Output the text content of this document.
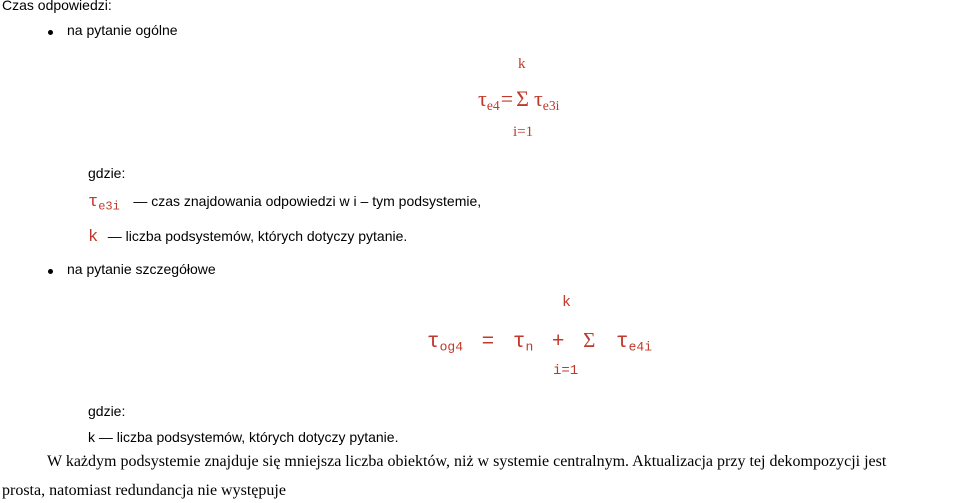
Czas odpowiedzi:
na pytanie ogólne
k
$\tau_{e4}= \Sigma$ $\tau_{e3i}$
i=1
gdzie:
$\tau_{e3i}$ — czas znajdowania odpowiedzi w i – tym podsystemie,
k — liczba podsystemów, których dotyczy pytanie.
na pytanie szczegółowe
k
$\tau_{og4} = \tau_n + \Sigma$ $\tau_{e4i}$
i=1
gdzie:
k — liczba podsystemów, których dotyczy pytanie.
W każdym podsystemie znajduje się mniejsza liczba obiektów, niż w systemie centralnym. Aktualizacja przy tej dekompozycji jest
prosta, natomiast redundancja nie występuje
